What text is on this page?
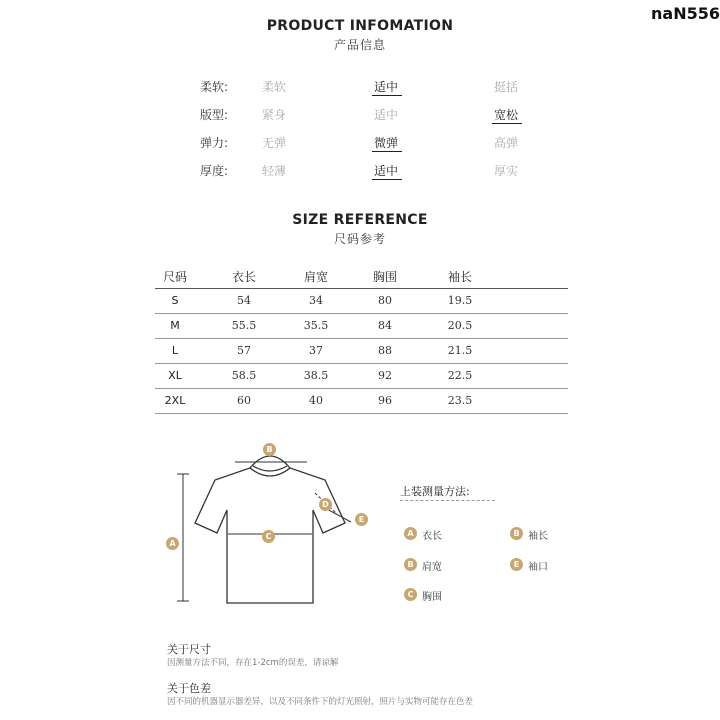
naN556
PRODUCT INFOMATION
产品信息
柔软:	柔软	适中	挺括
版型:	紧身	适中	宽松
弹力:	无弹	微弹	高弹
厚度:	轻薄	适中	厚实
SIZE REFERENCE
尺码参考
尺码	衣长	肩宽	胸围	袖长
S	54	34	80	19.5
M	55.5	35.5	84	20.5
L	57	37	88	21.5
XL	58.5	38.5	92	22.5
2XL	60	40	96	23.5
A
B
C
D
E
上装测量方法:
A 衣长	B 袖长
B 肩宽	E 袖口
C 胸围
关于尺寸
因测量方法不同，存在1-2cm的误差，请谅解
关于色差
因不同的机器显示器差异，以及不同条件下的灯光照射，照片与实物可能存在色差
